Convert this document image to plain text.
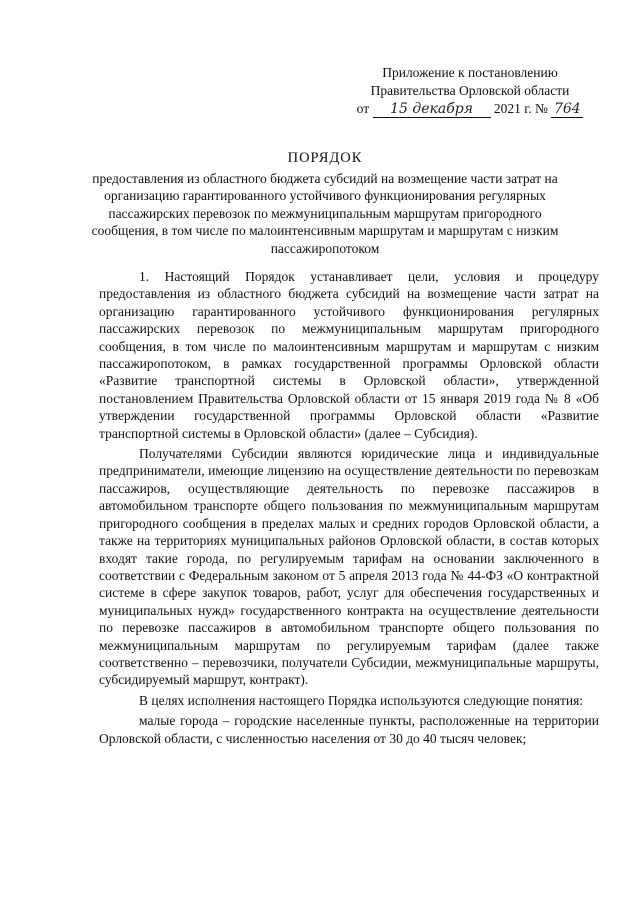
Приложение к постановлению
Правительства Орловской области
от 15 декабря 2021 г. № 764
ПОРЯДОК
предоставления из областного бюджета субсидий на возмещение части затрат на организацию гарантированного устойчивого функционирования регулярных пассажирских перевозок по межмуниципальным маршрутам пригородного сообщения, в том числе по малоинтенсивным маршрутам и маршрутам с низким пассажиропотоком

1. Настоящий Порядок устанавливает цели, условия и процедуру предоставления из областного бюджета субсидий на возмещение части затрат на организацию гарантированного устойчивого функционирования регулярных пассажирских перевозок по межмуниципальным маршрутам пригородного сообщения, в том числе по малоинтенсивным маршрутам и маршрутам с низким пассажиропотоком, в рамках государственной программы Орловской области «Развитие транспортной системы в Орловской области», утвержденной постановлением Правительства Орловской области от 15 января 2019 года № 8 «Об утверждении государственной программы Орловской области «Развитие транспортной системы в Орловской области» (далее – Субсидия).

Получателями Субсидии являются юридические лица и индивидуальные предприниматели, имеющие лицензию на осуществление деятельности по перевозкам пассажиров, осуществляющие деятельность по перевозке пассажиров в автомобильном транспорте общего пользования по межмуниципальным маршрутам пригородного сообщения в пределах малых и средних городов Орловской области, а также на территориях муниципальных районов Орловской области, в состав которых входят такие города, по регулируемым тарифам на основании заключенного в соответствии с Федеральным законом от 5 апреля 2013 года № 44-ФЗ «О контрактной системе в сфере закупок товаров, работ, услуг для обеспечения государственных и муниципальных нужд» государственного контракта на осуществление деятельности по перевозке пассажиров в автомобильном транспорте общего пользования по межмуниципальным маршрутам по регулируемым тарифам (далее также соответственно – перевозчики, получатели Субсидии, межмуниципальные маршруты, субсидируемый маршрут, контракт).

В целях исполнения настоящего Порядка используются следующие понятия:

малые города – городские населенные пункты, расположенные на территории Орловской области, с численностью населения от 30 до 40 тысяч человек;
